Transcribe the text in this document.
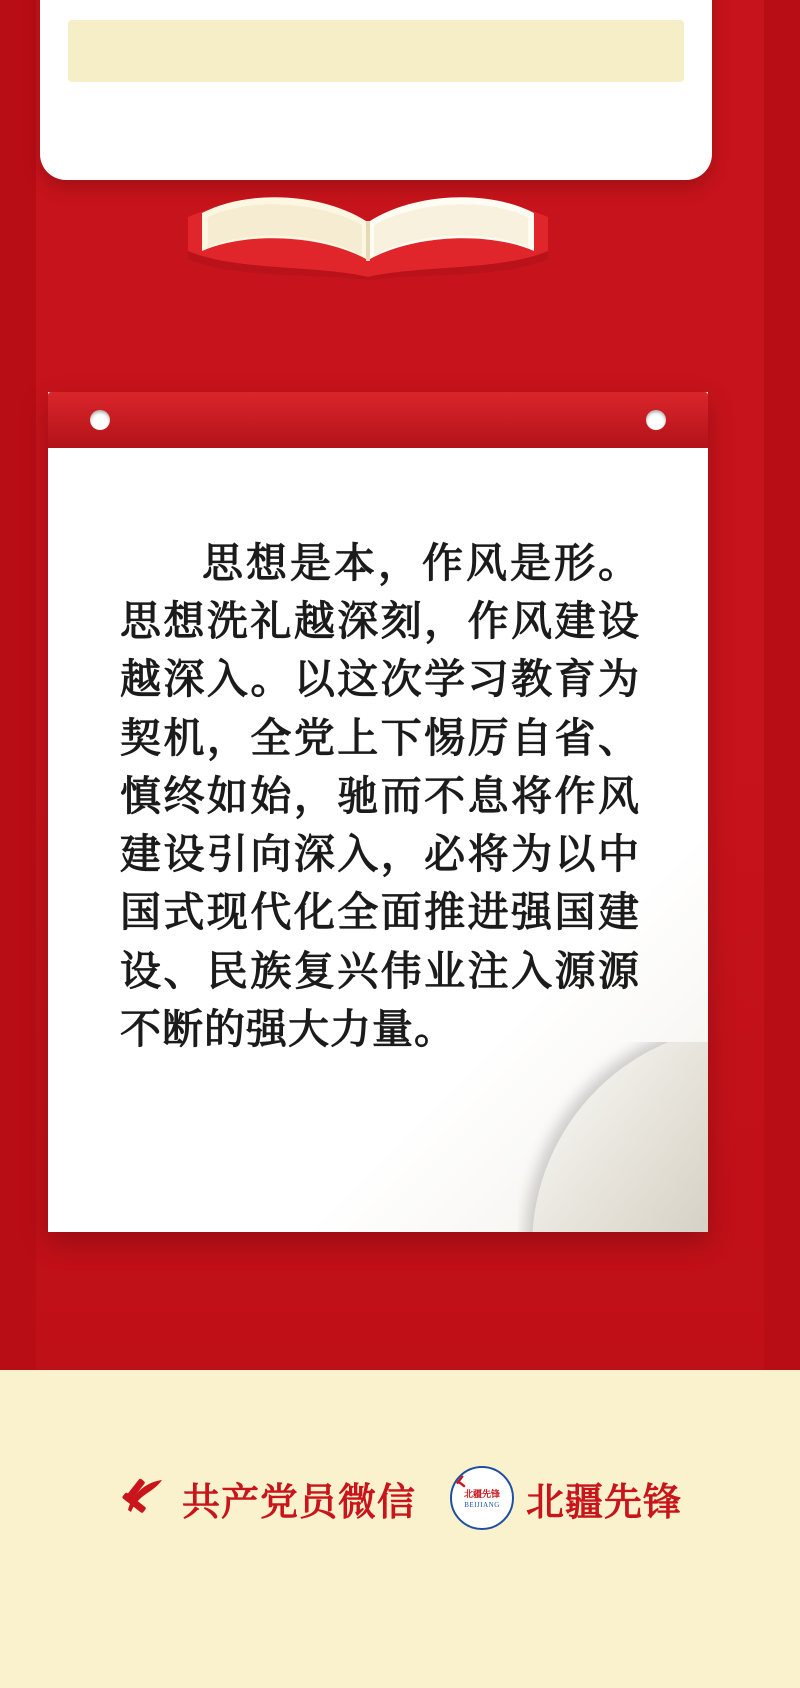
思想是本，作风是形。思想洗礼越深刻，作风建设越深入。以这次学习教育为契机，全党上下惕厉自省、慎终如始，驰而不息将作风建设引向深入，必将为以中国式现代化全面推进强国建设、民族复兴伟业注入源源不断的强大力量。
共产党员微信	北疆先锋
BEIJIANG 北疆先锋
